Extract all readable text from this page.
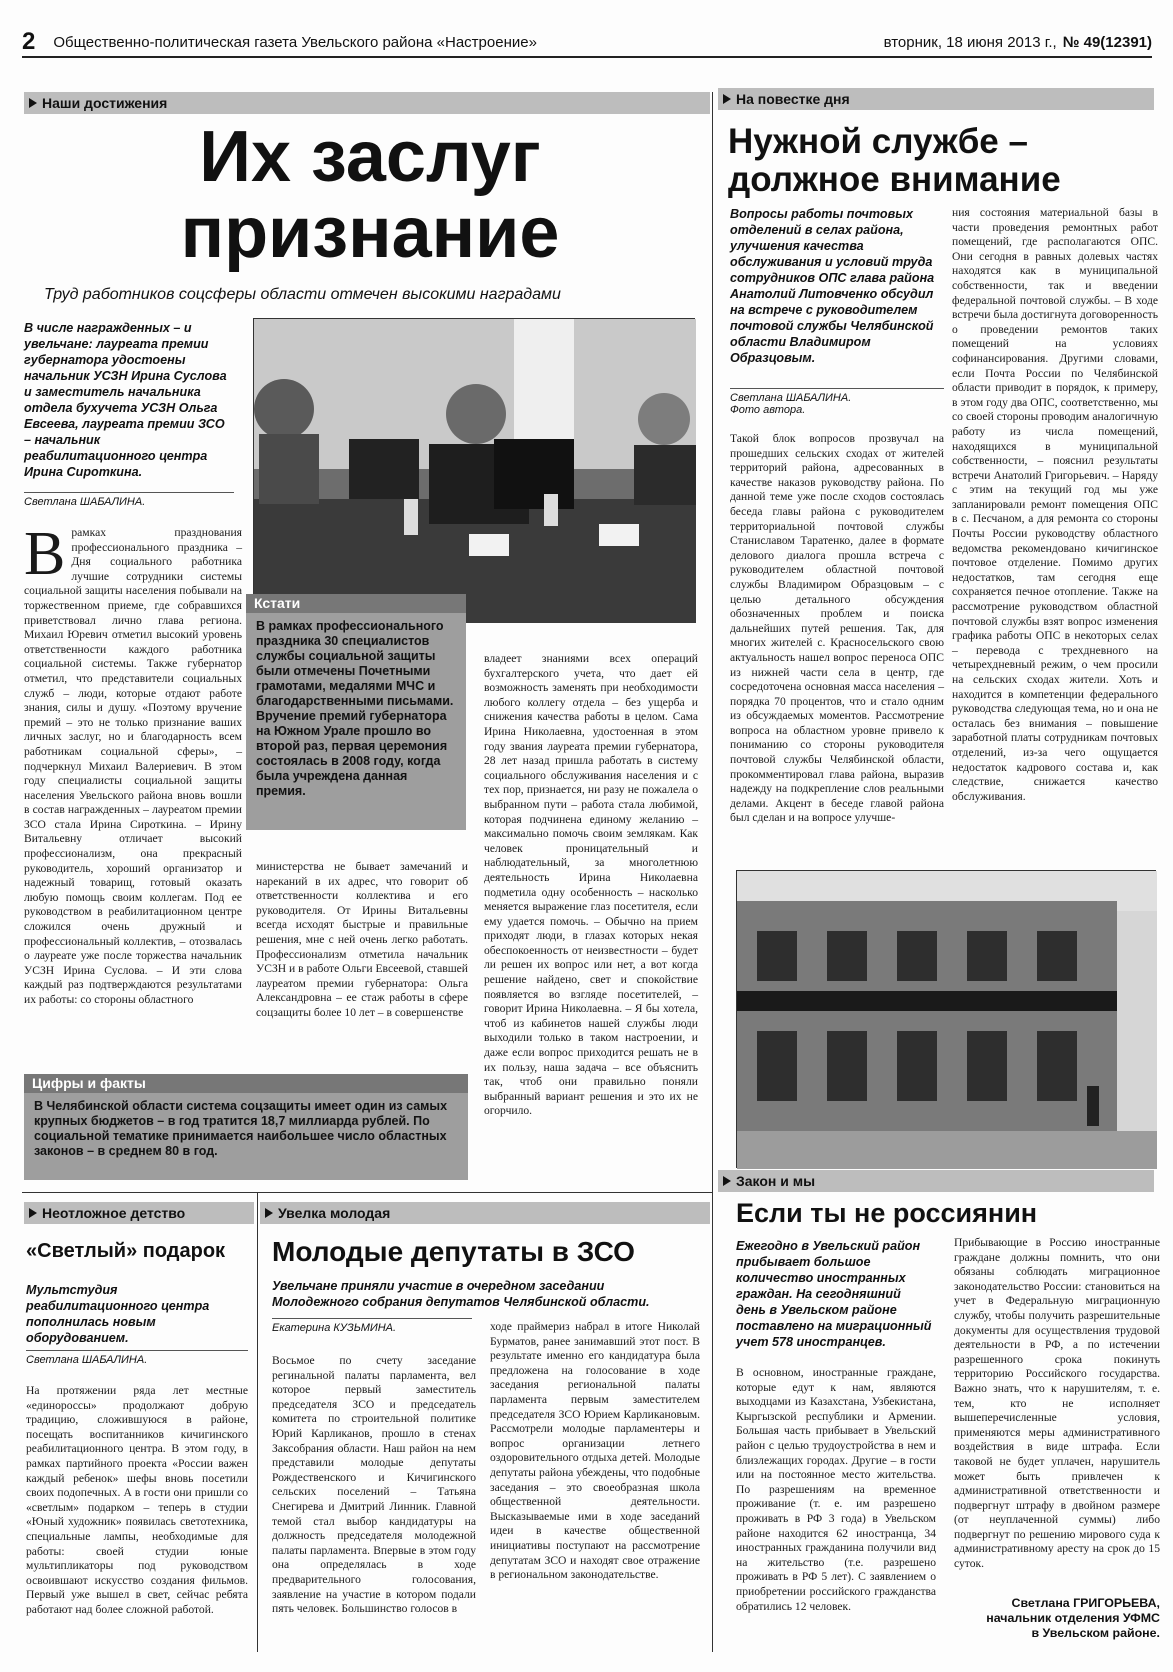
2 Общественно-политическая газета Увельского района «Настроение»	вторник, 18 июня 2013 г., № 49(12391)
Наши достижения
Их заслуг
признание
Труд работников соцсферы области отмечен высокими наградами
В числе награжденных – и увельчане: лауреата премии губернатора удостоены начальник УСЗН Ирина Суслова и заместитель начальника отдела бухучета УСЗН Ольга Евсеева, лауреата премии ЗСО – начальник реабилитационного центра Ирина Сироткина.
Светлана ШАБАЛИНА.
Врамках празднования профессионального праздника – Дня социального работника лучшие сотрудники системы социальной защиты населения побывали на торжественном приеме, где собравшихся приветствовал лично глава региона. Михаил Юревич отметил высокий уровень ответственности каждого работника социальной системы. Также губернатор отметил, что представители социальных служб – люди, которые отдают работе знания, силы и душу. «Поэтому вручение премий – это не только признание ваших личных заслуг, но и благодарность всем работникам социальной сферы», – подчеркнул Михаил Валериевич. В этом году специалисты социальной защиты населения Увельского района вновь вошли в состав награжденных – лауреатом премии ЗСО стала Ирина Сироткина. – Ирину Витальевну отличает высокий профессионализм, она прекрасный руководитель, хороший организатор и надежный товарищ, готовый оказать любую помощь своим коллегам. Под ее руководством в реабилитационном центре сложился очень дружный и профессиональный коллектив, – отозвалась о лауреате уже после торжества начальник УСЗН Ирина Суслова. – И эти слова каждый раз подтверждаются результатами их работы: со стороны областного
Кстати
В рамках профессионального праздника 30 специалистов службы социальной защиты были отмечены Почетными грамотами, медалями МЧС и благодарственными письмами. Вручение премий губернатора на Южном Урале прошло во второй раз, первая церемония состоялась в 2008 году, когда была учреждена данная премия.
министерства не бывает замечаний и нареканий в их адрес, что говорит об ответственности коллектива и его руководителя. От Ирины Витальевны всегда исходят быстрые и правильные решения, мне с ней очень легко работать. Профессионализм отметила начальник УСЗН и в работе Ольги Евсеевой, ставшей лауреатом премии губернатора: Ольга Александровна – ее стаж работы в сфере соцзащиты более 10 лет – в совершенстве
владеет знаниями всех операций бухгалтерского учета, что дает ей возможность заменять при необходимости любого коллегу отдела – без ущерба и снижения качества работы в целом. Сама Ирина Николаевна, удостоенная в этом году звания лауреата премии губернатора, 28 лет назад пришла работать в систему социального обслуживания населения и с тех пор, признается, ни разу не пожалела о выбранном пути – работа стала любимой, которая подчинена единому желанию – максимально помочь своим землякам. Как человек проницательный и наблюдательный, за многолетнюю деятельность Ирина Николаевна подметила одну особенность – насколько меняется выражение глаз посетителя, если ему удается помочь. – Обычно на прием приходят люди, в глазах которых некая обеспокоенность от неизвестности – будет ли решен их вопрос или нет, а вот когда решение найдено, свет и спокойствие появляется во взгляде посетителей, – говорит Ирина Николаевна. – Я бы хотела, чтоб из кабинетов нашей службы люди выходили только в таком настроении, и даже если вопрос приходится решать не в их пользу, наша задача – все объяснить так, чтоб они правильно поняли выбранный вариант решения и это их не огорчило.
Цифры и факты
В Челябинской области система соцзащиты имеет один из самых крупных бюджетов – в год тратится 18,7 миллиарда рублей. По социальной тематике принимается наибольшее число областных законов – в среднем 80 в год.
На повестке дня
Нужной службе –
должное внимание
Вопросы работы почтовых отделений в селах района, улучшения качества обслуживания и условий труда сотрудников ОПС глава района Анатолий Литовченко обсудил на встрече с руководителем почтовой службы Челябинской области Владимиром Образцовым.
Светлана ШАБАЛИНА.
Фото автора.
Такой блок вопросов прозвучал на прошедших сельских сходах от жителей территорий района, адресованных в качестве наказов руководству района. По данной теме уже после сходов состоялась беседа главы района с руководителем территориальной почтовой службы Станиславом Таратенко, далее в формате делового диалога прошла встреча с руководителем областной почтовой службы Владимиром Образцовым – с целью детального обсуждения обозначенных проблем и поиска дальнейших путей решения. Так, для многих жителей с. Красносельского свою актуальность нашел вопрос переноса ОПС из нижней части села в центр, где сосредоточена основная масса населения – порядка 70 процентов, что и стало одним из обсуждаемых моментов. Рассмотрение вопроса на областном уровне привело к пониманию со стороны руководителя почтовой службы Челябинской области, прокомментировал глава района, выразив надежду на подкрепление слов реальными делами. Акцент в беседе главой района был сделан и на вопросе улучше-
ния состояния материальной базы в части проведения ремонтных работ помещений, где располагаются ОПС. Они сегодня в равных долевых частях находятся как в муниципальной собственности, так и введении федеральной почтовой службы. – В ходе встречи была достигнута договоренность о проведении ремонтов таких помещений на условиях софинансирования. Другими словами, если Почта России по Челябинской области приводит в порядок, к примеру, в этом году два ОПС, соответственно, мы со своей стороны проводим аналогичную работу из числа помещений, находящихся в муниципальной собственности, – пояснил результаты встречи Анатолий Григорьевич. – Наряду с этим на текущий год мы уже запланировали ремонт помещения ОПС в с. Песчаном, а для ремонта со стороны Почты России руководству областного ведомства рекомендовано кичигинское почтовое отделение. Помимо других недостатков, там сегодня еще сохраняется печное отопление. Также на рассмотрение руководством областной почтовой службы взят вопрос изменения графика работы ОПС в некоторых селах – перевода с трехдневного на четырехдневный режим, о чем просили на сельских сходах жители. Хоть и находится в компетенции федерального руководства следующая тема, но и она не осталась без внимания – повышение заработной платы сотрудникам почтовых отделений, из-за чего ощущается недостаток кадрового состава и, как следствие, снижается качество обслуживания.
Неотложное детство
«Светлый» подарок
Мультстудия реабилитационного центра пополнилась новым оборудованием.
Светлана ШАБАЛИНА.
На протяжении ряда лет местные «единороссы» продолжают добрую традицию, сложившуюся в районе, посещать воспитанников кичигинского реабилитационного центра. В этом году, в рамках партийного проекта «России важен каждый ребенок» шефы вновь посетили своих подопечных. А в гости они пришли со «светлым» подарком – теперь в студии «Юный художник» появилась светотехника, специальные лампы, необходимые для работы: своей студии юные мультипликаторы под руководством освоившают искусство создания фильмов. Первый уже вышел в свет, сейчас ребята работают над более сложной работой.
Увелка молодая
Молодые депутаты в ЗСО
Увельчане приняли участие в очередном заседании Молодежного собрания депутатов Челябинской области.
Екатерина КУЗЬМИНА.
Восьмое по счету заседание регинальной палаты парламента, вел которое первый заместитель председателя ЗСО и председатель комитета по строительной политике Юрий Карликанов, прошло в стенах Заксобрания области. Наш район на нем представили молодые депутаты Рождественского и Кичигинского сельских поселений – Татьяна Снегирева и Дмитрий Линник. Главной темой стал выбор кандидатуры на должность председателя молодежной палаты парламента. Впервые в этом году она определялась в ходе предварительного голосования, заявление на участие в котором подали пять человек. Большинство голосов в
ходе праймериз набрал в итоге Николай Бурматов, ранее занимавший этот пост. В результате именно его кандидатура была предложена на голосование в ходе заседания региональной палаты парламента первым заместителем председателя ЗСО Юрием Карликановым. Рассмотрели молодые парламентеры и вопрос организации летнего оздоровительного отдыха детей. Молодые депутаты района убеждены, что подобные заседания – это своеобразная школа общественной деятельности. Высказываемые ими в ходе заседаний идеи в качестве общественной инициативы поступают на рассмотрение депутатам ЗСО и находят свое отражение в региональном законодательстве.
Закон и мы
Если ты не россиянин
Ежегодно в Увельский район прибывает большое количество иностранных граждан. На сегодняшний день в Увельском районе поставлено на миграционный учет 578 иностранцев.
В основном, иностранные граждане, которые едут к нам, являются выходцами из Казахстана, Узбекистана, Кыргызской республики и Армении. Большая часть прибывает в Увельский район с целью трудоустройства в нем и близлежащих городах. Другие – в гости или на постоянное место жительства. По разрешениям на временное проживание (т. е. им разрешено проживать в РФ 3 года) в Увельском районе находится 62 иностранца, 34 иностранных гражданина получили вид на жительство (т.е. разрешено проживать в РФ 5 лет). С заявлением о приобретении российского гражданства обратились 12 человек.
Прибывающие в Россию иностранные граждане должны помнить, что они обязаны соблюдать миграционное законодательство России: становиться на учет в Федеральную миграционную службу, чтобы получить разрешительные документы для осуществления трудовой деятельности в РФ, а по истечении разрешенного срока покинуть территорию Российского государства. Важно знать, что к нарушителям, т. е. тем, кто не исполняет вышеперечисленные условия, применяются меры административного воздействия в виде штрафа. Если таковой не будет уплачен, нарушитель может быть привлечен к административной ответственности и подвергнут штрафу в двойном размере (от неуплаченной суммы) либо подвергнут по решению мирового суда к административному аресту на срок до 15 суток.
Светлана ГРИГОРЬЕВА,
начальник отделения УФМС
в Увельском районе.
